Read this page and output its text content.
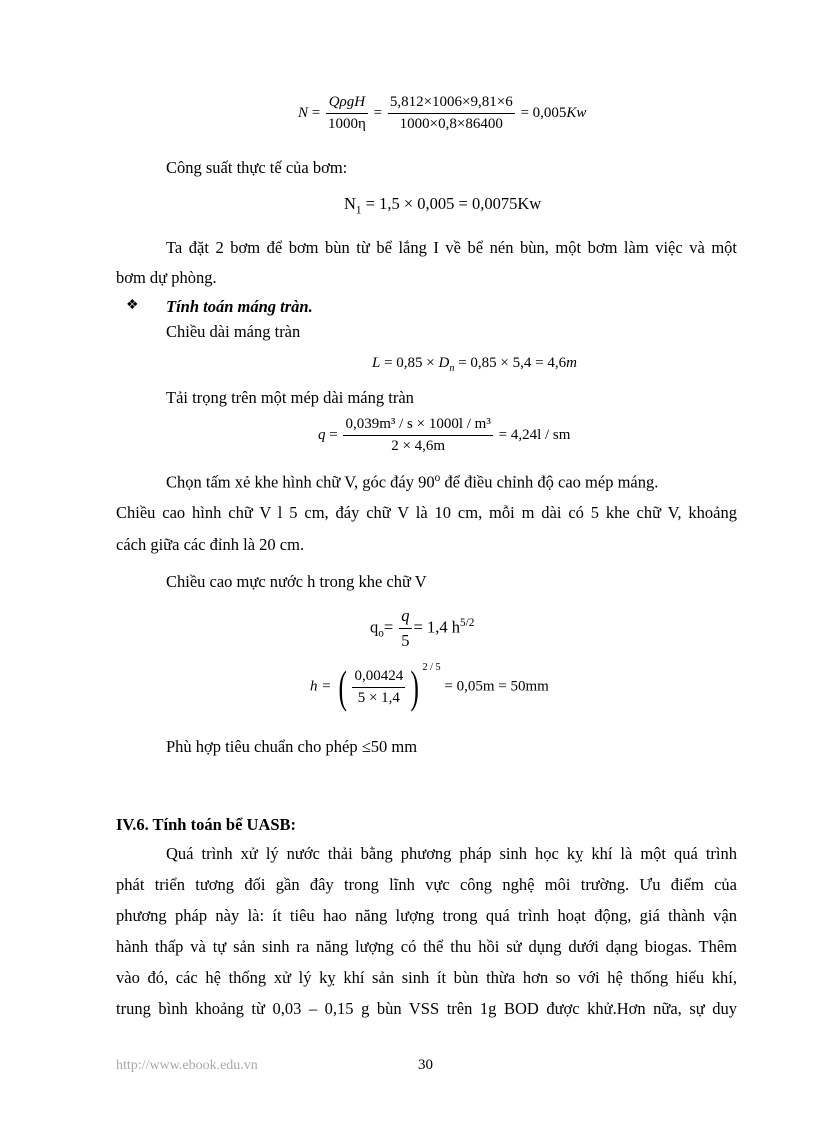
$N = \frac{\text{QρgH}}{1000\eta} = \frac{5,812\times 1006\times 9,81\times 6}{1000\times 0,8\times 86400} = 0,005Kw$
Công suất thực tế của bơm:
$N_1 = 1,5 \times 0,005 = 0,0075Kw$
Ta đặt 2 bơm để bơm bùn từ bể lắng I về bể nén bùn, một bơm làm việc và một
bơm dự phòng.
❖ Tính toán máng tràn.
Chiều dài máng tràn
$L = 0,85 \times D_n = 0,85 \times 5,4 = 4,6m$
Tải trọng trên một mép dài máng tràn
$q = \frac{\text{0,039m³ / s × 1000l / m³}}{2 \times 4,6m} = 4,24l$ / sm
Chọn tấm xẻ khe hình chữ V, góc đáy 90$^o$ để điều chỉnh độ cao mép máng.
Chiều cao hình chữ V l 5 cm, đáy chữ V là 10 cm, mỗi m dài có 5 khe chữ V, khoảng
cách giữa các đỉnh là 20 cm.
Chiều cao mực nước h trong khe chữ V
$q_o= \frac{q}{5} = 1,4$ $h^{5/2}$
h = ( $\frac{0,00424}{5 \times 1,4}$ ) $^{2 / 5}$ = 0,05m = 50mm
Phù hợp tiêu chuẩn cho phép ≤50 mm
IV.6. Tính toán bể UASB:
Quá trình xử lý nước thải bằng phương pháp sinh học kỵ khí là một quá trình
phát triển tương đối gần đây trong lĩnh vực công nghệ môi trường. Ưu điểm của
phương pháp này là: ít tiêu hao năng lượng trong quá trình hoạt động, giá thành vận
hành thấp và tự sản sinh ra năng lượng có thể thu hồi sử dụng dưới dạng biogas. Thêm
vào đó, các hệ thống xử lý kỵ khí sản sinh ít bùn thừa hơn so với hệ thống hiếu khí,
trung bình khoảng từ 0,03 – 0,15 g bùn VSS trên 1g BOD được khử.Hơn nữa, sự duy
http://www.ebook.edu.vn	30
